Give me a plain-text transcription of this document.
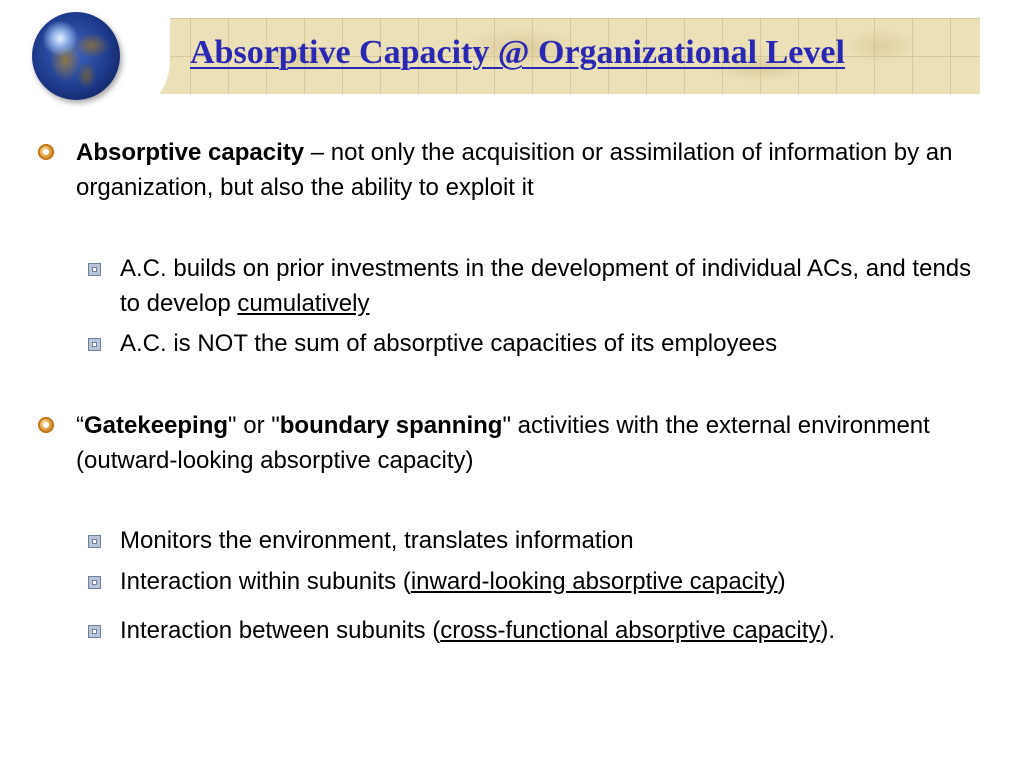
Absorptive Capacity @ Organizational Level
Absorptive capacity – not only the acquisition or assimilation of information by an organization, but also the ability to exploit it
A.C. builds on prior investments in the development of individual ACs, and tends to develop cumulatively
A.C. is NOT the sum of absorptive capacities of its employees
“Gatekeeping" or "boundary spanning" activities with the external environment (outward-looking absorptive capacity)
Monitors the environment, translates information
Interaction within subunits (inward-looking absorptive capacity)
Interaction between subunits (cross-functional absorptive capacity).
